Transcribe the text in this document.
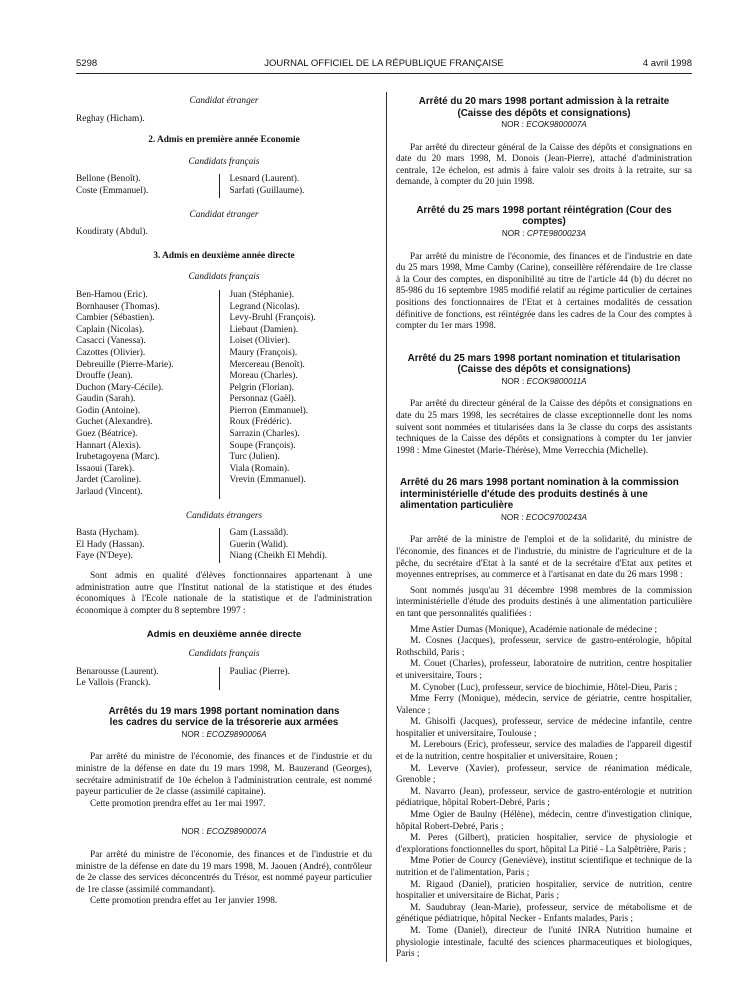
5298	JOURNAL OFFICIEL DE LA RÉPUBLIQUE FRANÇAISE	4 avril 1998
Candidat étranger
Reghay (Hicham).
2. Admis en première année Economie
Candidats français
Bellone (Benoît).
Coste (Emmanuel).
Lesnard (Laurent).
Sarfati (Guillaume).
Candidat étranger
Koudiraty (Abdul).
3. Admis en deuxième année directe
Candidats français
Ben-Hamou (Eric).
Bornhauser (Thomas).
Cambier (Sébastien).
Caplain (Nicolas).
Casacci (Vanessa).
Cazottes (Olivier).
Debreuille (Pierre-Marie).
Drouffe (Jean).
Duchon (Mary-Cécile).
Gaudin (Sarah).
Godin (Antoine).
Guchet (Alexandre).
Guez (Béatrice).
Hannart (Alexis).
Irubetagoyena (Marc).
Issaoui (Tarek).
Jardet (Caroline).
Jarlaud (Vincent).
Juan (Stéphanie).
Legrand (Nicolas).
Levy-Bruhl (François).
Liebaut (Damien).
Loiset (Olivier).
Maury (François).
Mercereau (Benoît).
Moreau (Charles).
Pelgrin (Florian).
Personnaz (Gaël).
Pierron (Emmanuel).
Roux (Frédéric).
Sarrazin (Charles).
Soupe (François).
Turc (Julien).
Viala (Romain).
Vrevin (Emmanuel).
Candidats étrangers
Basta (Hycham).
El Hady (Hassan).
Faye (N'Deye).
Gam (Lassaâd).
Guerin (Walid).
Niang (Cheikh El Mehdi).

Sont admis en qualité d'élèves fonctionnaires appartenant à une administration autre que l'Institut national de la statistique et des études économiques à l'Ecole nationale de la statistique et de l'administration économique à compter du 8 septembre 1997 :

Admis en deuxième année directe
Candidats français
Benarousse (Laurent).
Le Vallois (Franck).
Pauliac (Pierre).
Arrêtés du 19 mars 1998 portant nomination dans les cadres du service de la trésorerie aux armées
NOR : ECOZ9890006A

Par arrêté du ministre de l'économie, des finances et de l'industrie et du ministre de la défense en date du 19 mars 1998, M. Bauzerand (Georges), secrétaire administratif de 10e échelon à l'administration centrale, est nommé payeur particulier de 2e classe (assimilé capitaine).

Cette promotion prendra effet au 1er mai 1997.

NOR : ECOZ9890007A

Par arrêté du ministre de l'économie, des finances et de l'industrie et du ministre de la défense en date du 19 mars 1998, M. Jaouen (André), contrôleur de 2e classe des services déconcentrés du Trésor, est nommé payeur particulier de 1re classe (assimilé commandant).

Cette promotion prendra effet au 1er janvier 1998.

Arrêté du 20 mars 1998 portant admission à la retraite (Caisse des dépôts et consignations)
NOR : ECOK9800007A

Par arrêté du directeur général de la Caisse des dépôts et consignations en date du 20 mars 1998, M. Donois (Jean-Pierre), attaché d'administration centrale, 12e échelon, est admis à faire valoir ses droits à la retraite, sur sa demande, à compter du 20 juin 1998.

Arrêté du 25 mars 1998 portant réintégration (Cour des comptes)
NOR : CPTE9800023A

Par arrêté du ministre de l'économie, des finances et de l'industrie en date du 25 mars 1998, Mme Camby (Carine), conseillère référendaire de 1re classe à la Cour des comptes, en disponibilité au titre de l'article 44 (b) du décret no 85-986 du 16 septembre 1985 modifié relatif au régime particulier de certaines positions des fonctionnaires de l'Etat et à certaines modalités de cessation définitive de fonctions, est réintégrée dans les cadres de la Cour des comptes à compter du 1er mars 1998.

Arrêté du 25 mars 1998 portant nomination et titularisation (Caisse des dépôts et consignations)
NOR : ECOK9800011A

Par arrêté du directeur général de la Caisse des dépôts et consignations en date du 25 mars 1998, les secrétaires de classe exceptionnelle dont les noms suivent sont nommées et titularisées dans la 3e classe du corps des assistants techniques de la Caisse des dépôts et consignations à compter du 1er janvier 1998 : Mme Ginestet (Marie-Thérèse), Mme Verrecchia (Michelle).

Arrêté du 26 mars 1998 portant nomination à la commission interministérielle d'étude des produits destinés à une alimentation particulière
NOR : ECOC9700243A

Par arrêté de la ministre de l'emploi et de la solidarité, du ministre de l'économie, des finances et de l'industrie, du ministre de l'agriculture et de la pêche, du secrétaire d'Etat à la santé et de la secrétaire d'Etat aux petites et moyennes entreprises, au commerce et à l'artisanat en date du 26 mars 1998 :

Sont nommés jusqu'au 31 décembre 1998 membres de la commission interministérielle d'étude des produits destinés à une alimentation particulière en tant que personnalités qualifiées :

Mme Astier Dumas (Monique), Académie nationale de médecine ;

M. Cosnes (Jacques), professeur, service de gastro-entérologie, hôpital Rothschild, Paris ;

M. Couet (Charles), professeur, laboratoire de nutrition, centre hospitalier et universitaire, Tours ;

M. Cynober (Luc), professeur, service de biochimie, Hôtel-Dieu, Paris ;

Mme Ferry (Monique), médecin, service de gériatrie, centre hospitalier, Valence ;

M. Ghisolfi (Jacques), professeur, service de médecine infantile, centre hospitalier et universitaire, Toulouse ;

M. Lerebours (Eric), professeur, service des maladies de l'appareil digestif et de la nutrition, centre hospitalier et universitaire, Rouen ;

M. Leverve (Xavier), professeur, service de réanimation médicale, Grenoble ;

M. Navarro (Jean), professeur, service de gastro-entérologie et nutrition pédiatrique, hôpital Robert-Debré, Paris ;

Mme Ogier de Baulny (Hélène), médecin, centre d'investigation clinique, hôpital Robert-Debré, Paris ;

M. Peres (Gilbert), praticien hospitalier, service de physiologie et d'explorations fonctionnelles du sport, hôpital La Pitié - La Salpêtrière, Paris ;

Mme Potier de Courcy (Geneviève), institut scientifique et technique de la nutrition et de l'alimentation, Paris ;

M. Rigaud (Daniel), praticien hospitalier, service de nutrition, centre hospitalier et universitaire de Bichat, Paris ;

M. Saudubray (Jean-Marie), professeur, service de métabolisme et de génétique pédiatrique, hôpital Necker - Enfants malades, Paris ;

M. Tome (Daniel), directeur de l'unité INRA Nutrition humaine et physiologie intestinale, faculté des sciences pharmaceutiques et biologiques, Paris ;
